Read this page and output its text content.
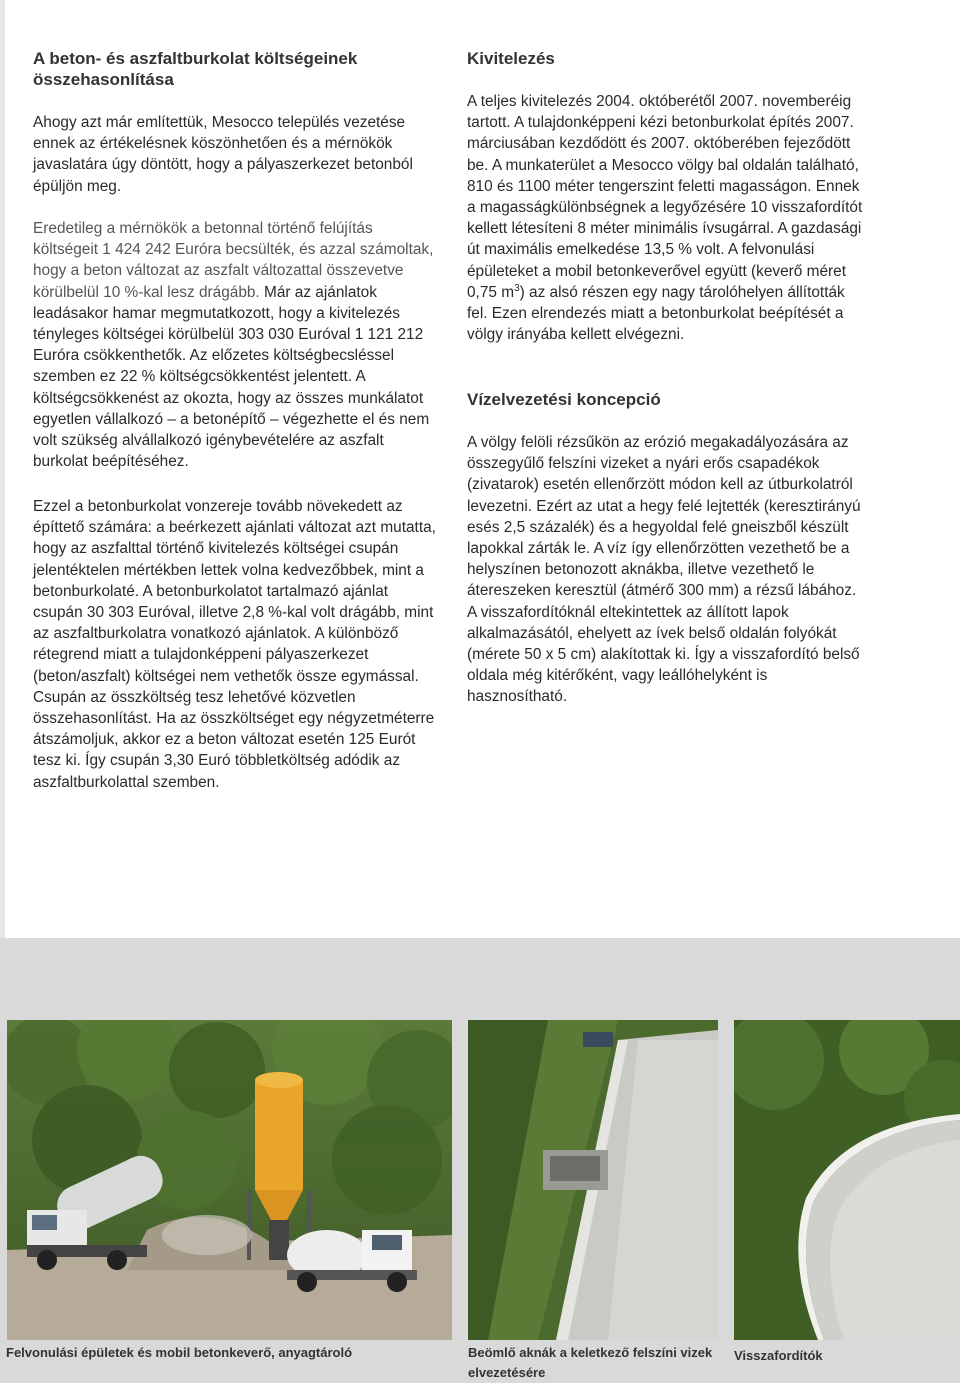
A beton- és aszfaltburkolat költségeinek összehasonlítása

Ahogy azt már említettük, Mesocco település vezetése ennek az értékelésnek köszönhetően és a mérnökök javaslatára úgy döntött, hogy a pályaszerkezet betonból épüljön meg.

Eredetileg a mérnökök a betonnal történő felújítás költségeit 1 424 242 Euróra becsülték, és azzal számoltak, hogy a beton változat az aszfalt változattal összevetve körülbelül 10 %-kal lesz drágább. Már az ajánlatok leadásakor hamar megmutatkozott, hogy a kivitelezés tényleges költségei körülbelül 303 030 Euróval 1 121 212 Euróra csökkenthetők. Az előzetes költségbecsléssel szemben ez 22 % költségcsökkentést jelentett. A költségcsökkenést az okozta, hogy az összes munkálatot egyetlen vállalkozó – a betonépítő – végezhette el és nem volt szükség alvállalkozó igénybevételére az aszfalt burkolat beépítéséhez.

Ezzel a betonburkolat vonzereje tovább növekedett az építtető számára: a beérkezett ajánlati változat azt mutatta, hogy az aszfalttal történő kivitelezés költségei csupán jelentéktelen mértékben lettek volna kedvezőbbek, mint a betonburkolaté. A betonburkolatot tartalmazó ajánlat csupán 30 303 Euróval, illetve 2,8 %-kal volt drágább, mint az aszfaltburkolatra vonatkozó ajánlatok. A különböző rétegrend miatt a tulajdonképpeni pályaszerkezet (beton/aszfalt) költségei nem vethetők össze egymással. Csupán az összköltség tesz lehetővé közvetlen összehasonlítást. Ha az összköltséget egy négyzetméterre átszámoljuk, akkor ez a beton változat esetén 125 Eurót tesz ki. Így csupán 3,30 Euró többletköltség adódik az aszfaltburkolattal szemben.

Kivitelezés

A teljes kivitelezés 2004. októberétől 2007. novemberéig tartott. A tulajdonképpeni kézi betonburkolat építés 2007. márciusában kezdődött és 2007. októberében fejeződött be. A munkaterület a Mesocco völgy bal oldalán található, 810 és 1100 méter tengerszint feletti magasságon. Ennek a magasságkülönbségnek a legyőzésére 10 visszafordítót kellett létesíteni 8 méter minimális ívsugárral. A gazdasági út maximális emelkedése 13,5 % volt. A felvonulási épületeket a mobil betonkeverővel együtt (keverő méret 0,75 $m^3$) az alsó részen egy nagy tárolóhelyen állították fel. Ezen elrendezés miatt a betonburkolat beépítését a völgy irányába kellett elvégezni.

Vízelvezetési koncepció

A völgy felöli rézsűkön az erózió megakadályozására az összegyűlő felszíni vizeket a nyári erős csapadékok (zivatarok) esetén ellenőrzött módon kell az útburkolatról levezetni. Ezért az utat a hegy felé lejtették (keresztirányú esés 2,5 százalék) és a hegyoldal felé gneiszből készült lapokkal zárták le. A víz így ellenőrzötten vezethető be a helyszínen betonozott aknákba, illetve vezethető le átereszeken keresztül (átmérő 300 mm) a rézsű lábához. A visszafordítóknál eltekintettek az állított lapok alkalmazásától, ehelyett az ívek belső oldalán folyókát (mérete 50 x 5 cm) alakítottak ki. Így a visszafordító belső oldala még kitérőként, vagy leállóhelyként is hasznosítható.

Felvonulási épületek és mobil betonkeverő, anyagtároló	Beömlő aknák a keletkező felszíni vizek elvezetésére
Visszafordítók
